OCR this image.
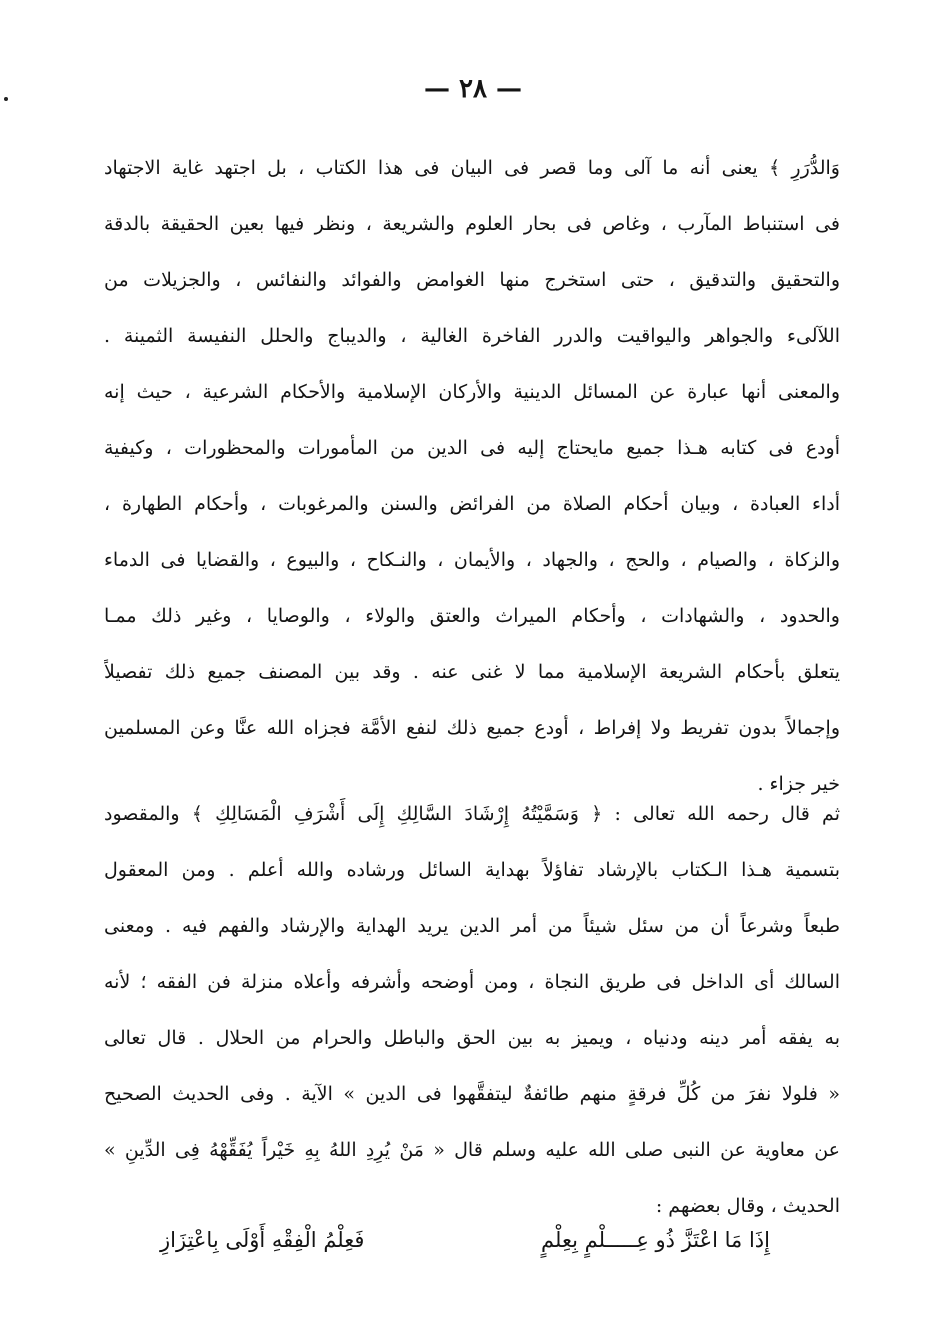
— ٢٨ —
وَالدُّرَرِ ﴾ يعنى أنه ما آلى وما قصر فى البيان فى هذا الكتاب ، بل اجتهد غاية الاجتهاد
فى استنباط المآرب ، وغاص فى بحار العلوم والشريعة ، ونظر فيها بعين الحقيقة بالدقة
والتحقيق والتدقيق ، حتى استخرج منها الغوامض والفوائد والنفائس ، والجزيلات من
اللآلىء والجواهر واليواقيت والدرر الفاخرة الغالية ، والديباج والحلل النفيسة الثمينة .
والمعنى أنها عبارة عن المسائل الدينية والأركان الإسلامية والأحكام الشرعية ، حيث إنه
أودع فى كتابه هـذا جميع مايحتاج إليه فى الدين من المأمورات والمحظورات ، وكيفية
أداء العبادة ، وبيان أحكام الصلاة من الفرائض والسنن والمرغوبات ، وأحكام الطهارة ،
والزكاة ، والصيام ، والحج ، والجهاد ، والأيمان ، والنـكاح ، والبيوع ، والقضايا فى الدماء
والحدود ، والشهادات ، وأحكام الميراث والعتق والولاء ، والوصايا ، وغير ذلك ممـا
يتعلق بأحكام الشريعة الإسلامية مما لا غنى عنه . وقد بين المصنف جميع ذلك تفصيلاً
وإجمالاً بدون تفريط ولا إفراط ، أودع جميع ذلك لنفع الأمَّة فجزاه الله عنَّا وعن المسلمين
خير جزاء .
ثم قال رحمه الله تعالى : ﴿ وَسَمَّيْتُهُ إِرْشَادَ السَّالِكِ إِلَى أَشْرَفِ الْمَسَالِكِ ﴾ والمقصود
بتسمية هـذا الـكتاب بالإرشاد تفاؤلاً بهداية السائل ورشاده والله أعلم . ومن المعقول
طبعاً وشرعاً أن من سئل شيئاً من أمر الدين يريد الهداية والإرشاد والفهم فيه . ومعنى
السالك أى الداخل فى طريق النجاة ، ومن أوضحه وأشرفه وأعلاه منزلة فن الفقه ؛ لأنه
به يفقه أمر دينه ودنياه ، ويميز به بين الحق والباطل والحرام من الحلال . قال تعالى
« فلولا نفرَ من كُلِّ فرقةٍ منهم طائفةٌ ليتفقَّهوا فى الدين » الآية . وفى الحديث الصحيح
عن معاوية عن النبى صلى الله عليه وسلم قال « مَنْ يُرِدِ اللهُ بِهِ خَيْراً يُفَقِّهْهُ فِى الدِّينِ »
الحديث ، وقال بعضهم :
إِذَا مَا اعْتَزَّ ذُو عِـــــلْمٍ بِعِلْمٍ
فَعِلْمُ الْفِقْهِ أَوْلَى بِاعْتِزَازِ
